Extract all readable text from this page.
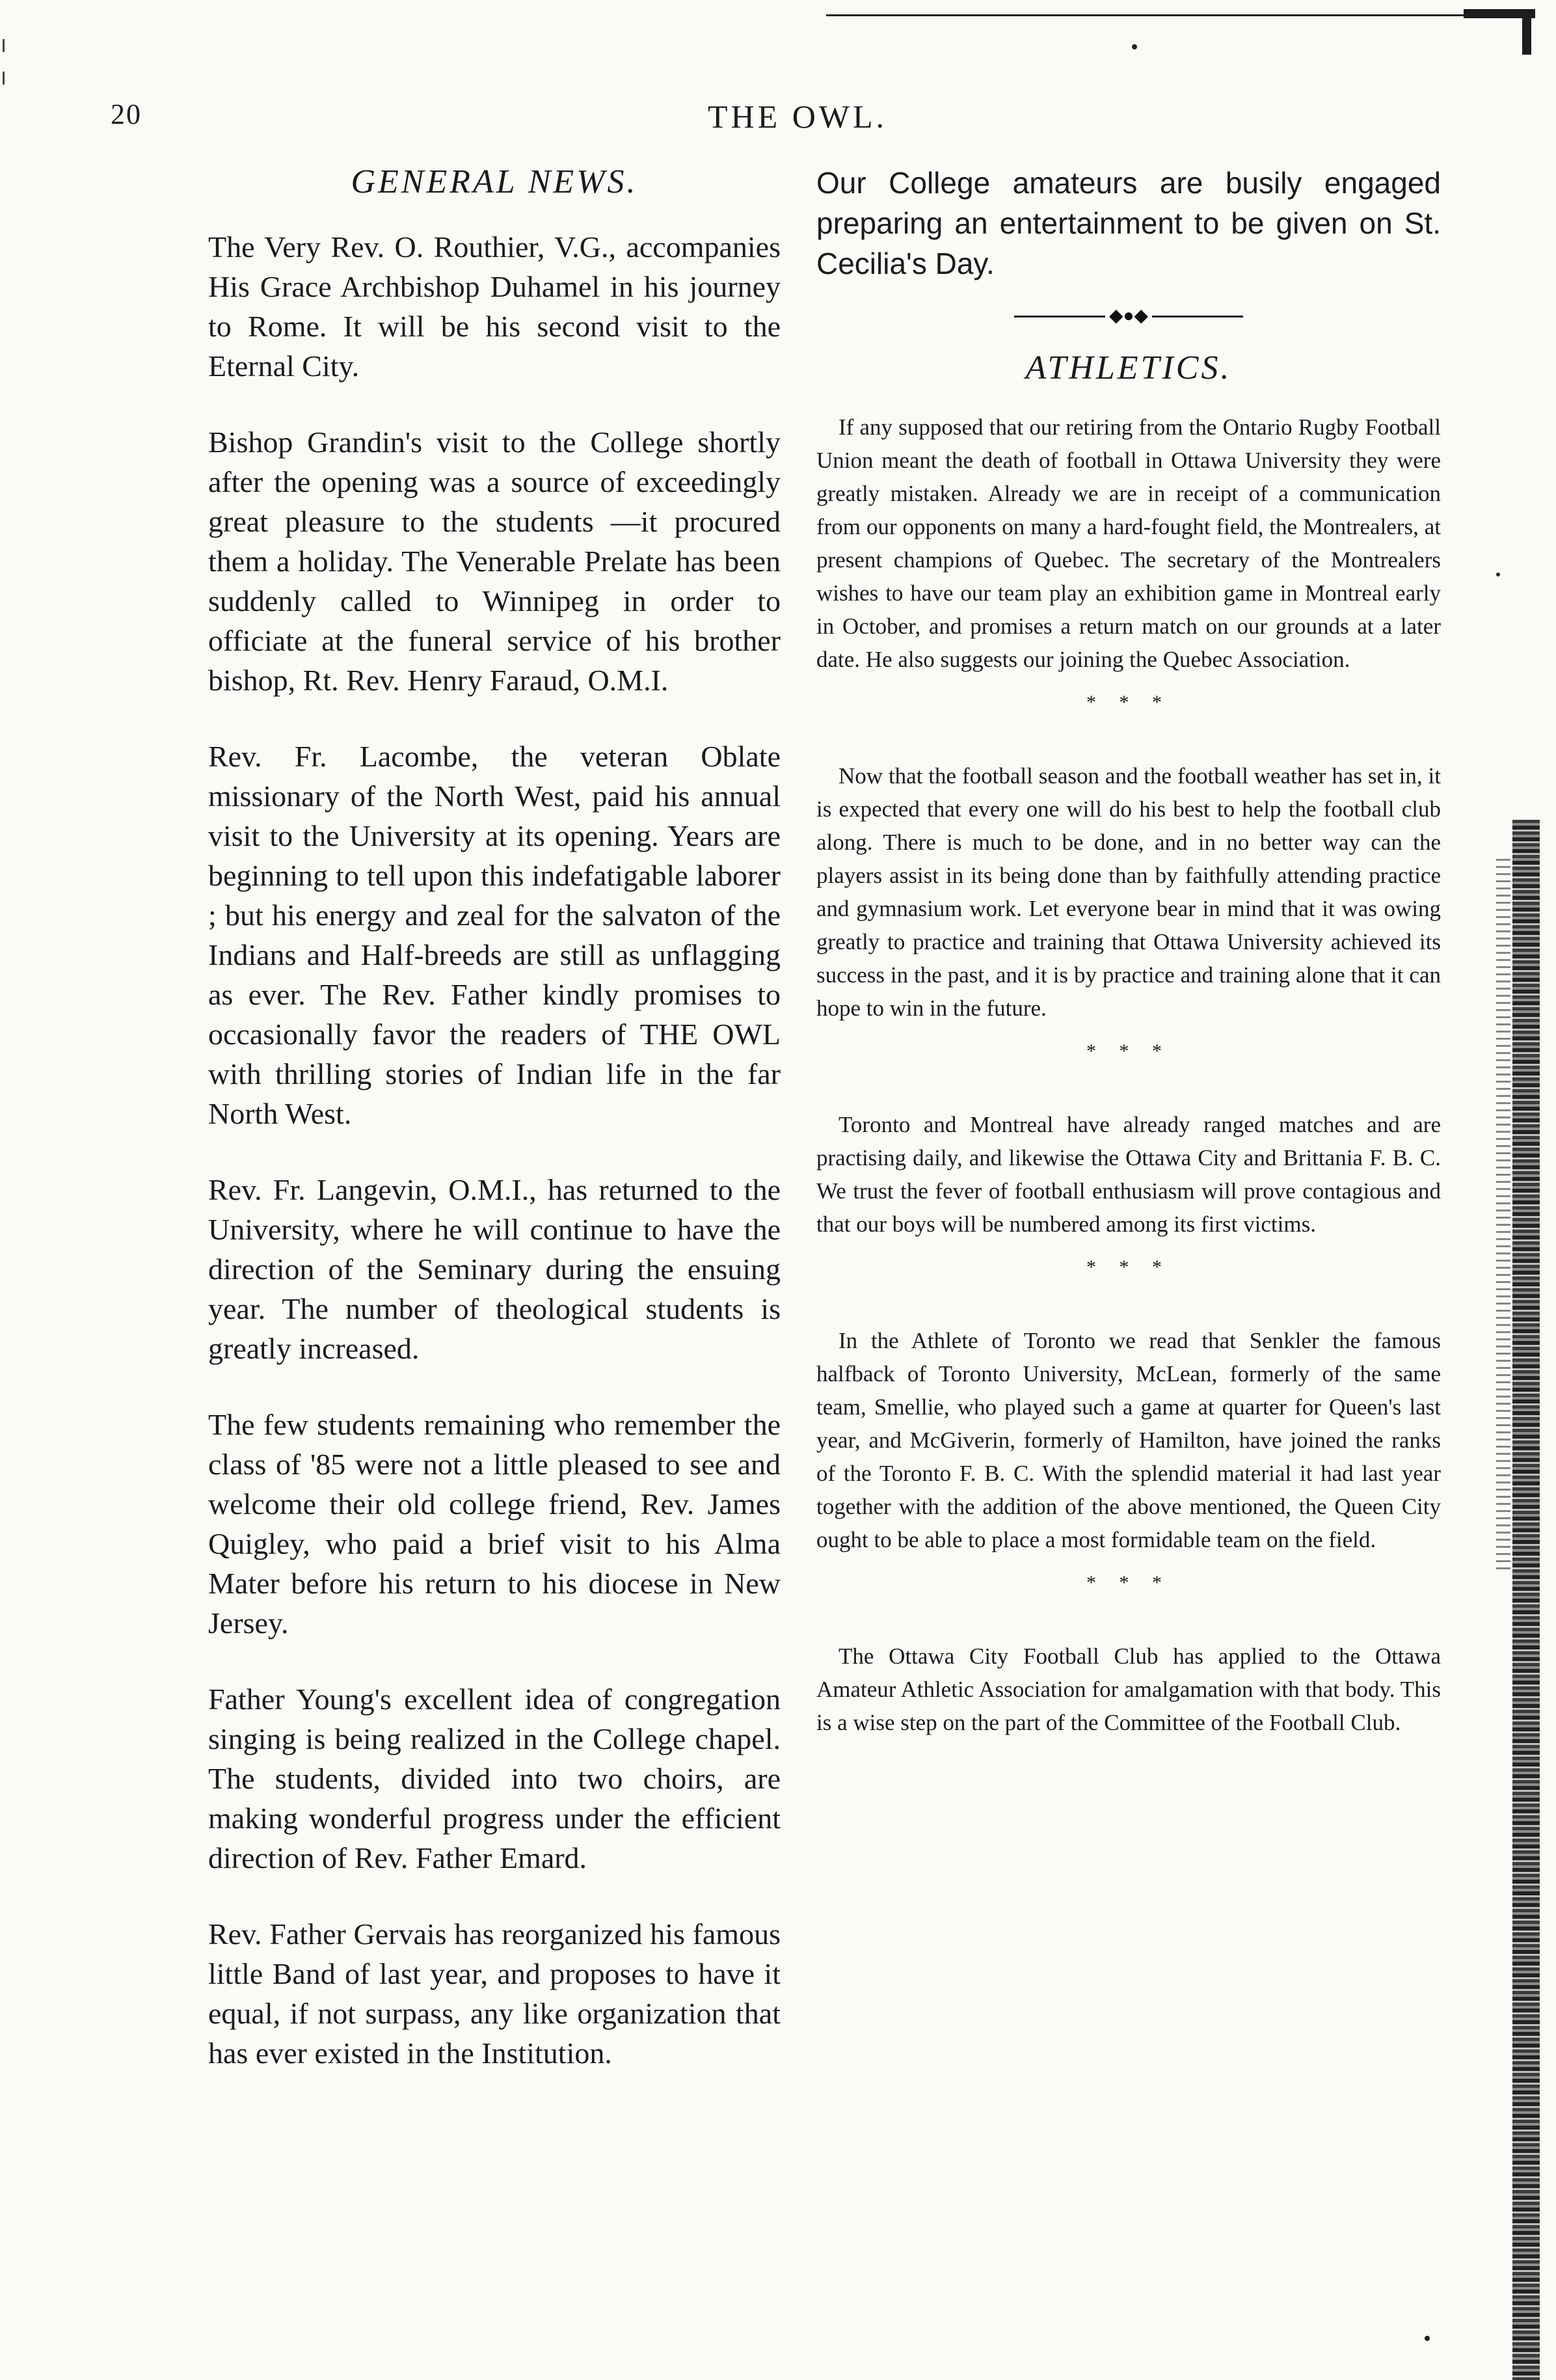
20	THE OWL.
GENERAL NEWS.

The Very Rev. O. Routhier, V.G., accompanies His Grace Archbishop Duhamel in his journey to Rome. It will be his second visit to the Eternal City.

Bishop Grandin's visit to the College shortly after the opening was a source of exceedingly great pleasure to the students —it procured them a holiday. The Venerable Prelate has been suddenly called to Winnipeg in order to officiate at the funeral service of his brother bishop, Rt. Rev. Henry Faraud, O.M.I.

Rev. Fr. Lacombe, the veteran Oblate missionary of the North West, paid his annual visit to the University at its opening. Years are beginning to tell upon this indefatigable laborer ; but his energy and zeal for the salvaton of the Indians and Half-breeds are still as unflagging as ever. The Rev. Father kindly promises to occasionally favor the readers of THE OWL with thrilling stories of Indian life in the far North West.

Rev. Fr. Langevin, O.M.I., has returned to the University, where he will continue to have the direction of the Seminary during the ensuing year. The number of theological students is greatly increased.

The few students remaining who remember the class of '85 were not a little pleased to see and welcome their old college friend, Rev. James Quigley, who paid a brief visit to his Alma Mater before his return to his diocese in New Jersey.

Father Young's excellent idea of congregation singing is being realized in the College chapel. The students, divided into two choirs, are making wonderful progress under the efficient direction of Rev. Father Emard.

Rev. Father Gervais has reorganized his famous little Band of last year, and proposes to have it equal, if not surpass, any like organization that has ever existed in the Institution.

Our College amateurs are busily engaged preparing an entertainment to be given on St. Cecilia's Day.

◆●◆
ATHLETICS.

If any supposed that our retiring from the Ontario Rugby Football Union meant the death of football in Ottawa University they were greatly mistaken. Already we are in receipt of a communication from our opponents on many a hard-fought field, the Montrealers, at present champions of Quebec. The secretary of the Montrealers wishes to have our team play an exhibition game in Montreal early in October, and promises a return match on our grounds at a later date. He also suggests our joining the Quebec Association.

* * *

Now that the football season and the football weather has set in, it is expected that every one will do his best to help the football club along. There is much to be done, and in no better way can the players assist in its being done than by faithfully attending practice and gymnasium work. Let everyone bear in mind that it was owing greatly to practice and training that Ottawa University achieved its success in the past, and it is by practice and training alone that it can hope to win in the future.

* * *

Toronto and Montreal have already ranged matches and are practising daily, and likewise the Ottawa City and Brittania F. B. C. We trust the fever of football enthusiasm will prove contagious and that our boys will be numbered among its first victims.

* * *

In the Athlete of Toronto we read that Senkler the famous halfback of Toronto University, McLean, formerly of the same team, Smellie, who played such a game at quarter for Queen's last year, and McGiverin, formerly of Hamilton, have joined the ranks of the Toronto F. B. C. With the splendid material it had last year together with the addition of the above mentioned, the Queen City ought to be able to place a most formidable team on the field.

* * *

The Ottawa City Football Club has applied to the Ottawa Amateur Athletic Association for amalgamation with that body. This is a wise step on the part of the Committee of the Football Club.
